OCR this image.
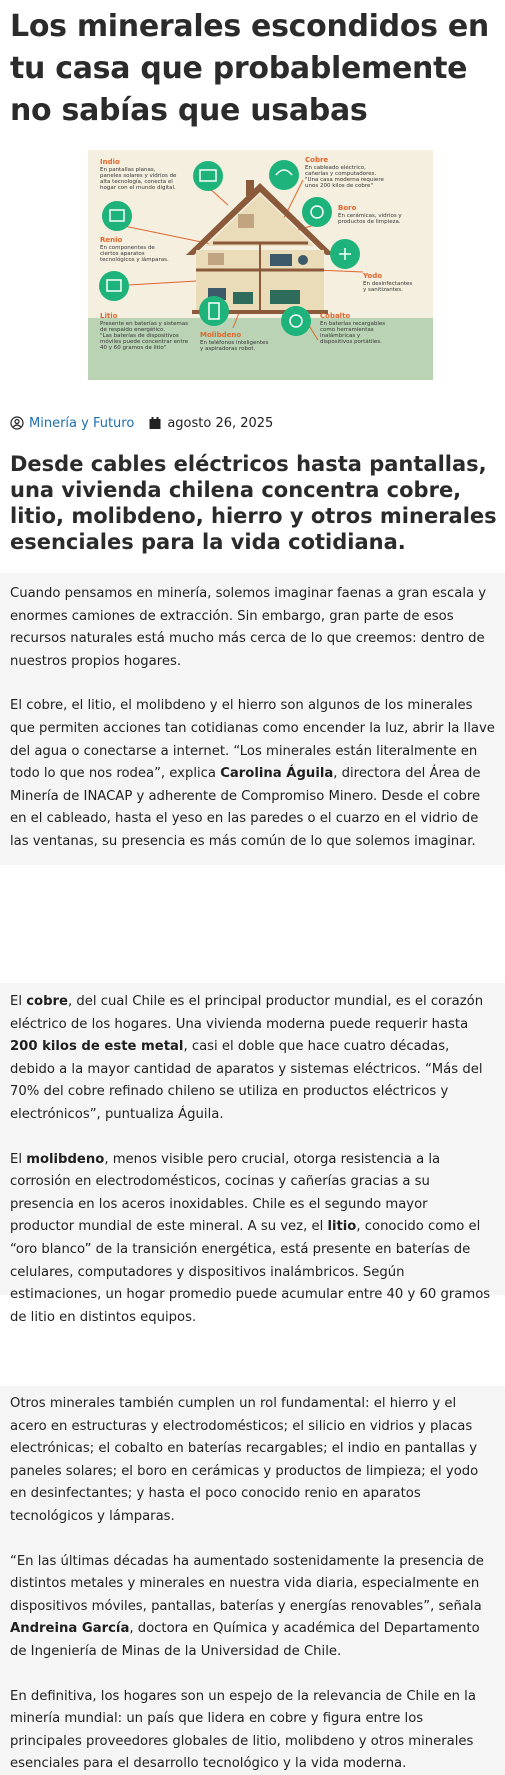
Los minerales escondidos en tu casa que probablemente no sabías que usabas
Indio
En pantallas planas, paneles solares y vidrios de alta tecnología, conecta el hogar con el mundo digital.
Cobre
En cableado eléctrico, cañerías y computadores. "Una casa moderna requiere unos 200 kilos de cobre"
Boro
En cerámicas, vidrios y productos de limpieza.
Renio
En componentes de ciertos aparatos tecnológicos y lámparas.
Yodo
En desinfectantes y sanitizantes.
Litio
Presente en baterías y sistemas de respaldo energético. "Las baterías de dispositivos móviles puede concentrar entre 40 y 60 gramos de litio"
Molibdeno
En teléfonos inteligentes y aspiradoras robot.
Cobalto
En baterías recargables como herramientas inalámbricas y dispositivos portátiles.
Minería y Futuro	agosto 26, 2025
Desde cables eléctricos hasta pantallas, una vivienda chilena concentra cobre, litio, molibdeno, hierro y otros minerales esenciales para la vida cotidiana.

Cuando pensamos en minería, solemos imaginar faenas a gran escala y enormes camiones de extracción. Sin embargo, gran parte de esos recursos naturales está mucho más cerca de lo que creemos: dentro de nuestros propios hogares.

El cobre, el litio, el molibdeno y el hierro son algunos de los minerales que permiten acciones tan cotidianas como encender la luz, abrir la llave del agua o conectarse a internet. “Los minerales están literalmente en todo lo que nos rodea”, explica Carolina Águila, directora del Área de Minería de INACAP y adherente de Compromiso Minero. Desde el cobre en el cableado, hasta el yeso en las paredes o el cuarzo en el vidrio de las ventanas, su presencia es más común de lo que solemos imaginar.

El cobre, del cual Chile es el principal productor mundial, es el corazón eléctrico de los hogares. Una vivienda moderna puede requerir hasta 200 kilos de este metal, casi el doble que hace cuatro décadas, debido a la mayor cantidad de aparatos y sistemas eléctricos. “Más del 70% del cobre refinado chileno se utiliza en productos eléctricos y electrónicos”, puntualiza Águila.

El molibdeno, menos visible pero crucial, otorga resistencia a la corrosión en electrodomésticos, cocinas y cañerías gracias a su presencia en los aceros inoxidables. Chile es el segundo mayor productor mundial de este mineral. A su vez, el litio, conocido como el “oro blanco” de la transición energética, está presente en baterías de celulares, computadores y dispositivos inalámbricos. Según estimaciones, un hogar promedio puede acumular entre 40 y 60 gramos de litio en distintos equipos.

Otros minerales también cumplen un rol fundamental: el hierro y el acero en estructuras y electrodomésticos; el silicio en vidrios y placas electrónicas; el cobalto en baterías recargables; el indio en pantallas y paneles solares; el boro en cerámicas y productos de limpieza; el yodo en desinfectantes; y hasta el poco conocido renio en aparatos tecnológicos y lámparas.

“En las últimas décadas ha aumentado sostenidamente la presencia de distintos metales y minerales en nuestra vida diaria, especialmente en dispositivos móviles, pantallas, baterías y energías renovables”, señala Andreina García, doctora en Química y académica del Departamento de Ingeniería de Minas de la Universidad de Chile.

En definitiva, los hogares son un espejo de la relevancia de Chile en la minería mundial: un país que lidera en cobre y figura entre los principales proveedores globales de litio, molibdeno y otros minerales esenciales para el desarrollo tecnológico y la vida moderna.
